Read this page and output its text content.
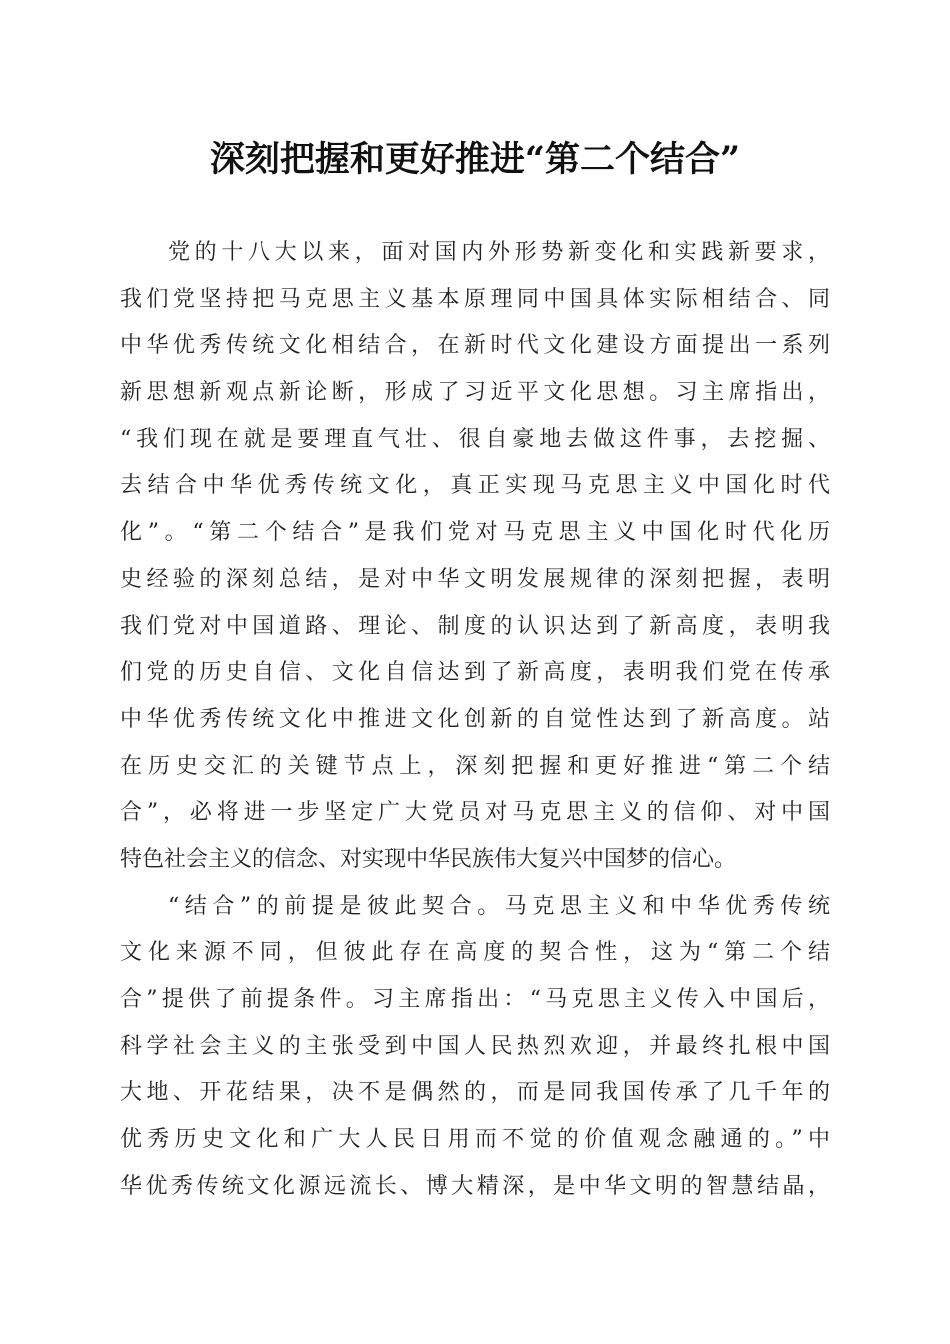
深刻把握和更好推进“第二个结合”
党的十八大以来，面对国内外形势新变化和实践新要求，
我们党坚持把马克思主义基本原理同中国具体实际相结合、同
中华优秀传统文化相结合，在新时代文化建设方面提出一系列
新思想新观点新论断，形成了习近平文化思想。习主席指出，
“我们现在就是要理直气壮、很自豪地去做这件事，去挖掘、
去结合中华优秀传统文化，真正实现马克思主义中国化时代
化”。“第二个结合”是我们党对马克思主义中国化时代化历
史经验的深刻总结，是对中华文明发展规律的深刻把握，表明
我们党对中国道路、理论、制度的认识达到了新高度，表明我
们党的历史自信、文化自信达到了新高度，表明我们党在传承
中华优秀传统文化中推进文化创新的自觉性达到了新高度。站
在历史交汇的关键节点上，深刻把握和更好推进“第二个结
合”，必将进一步坚定广大党员对马克思主义的信仰、对中国
特色社会主义的信念、对实现中华民族伟大复兴中国梦的信心。
“结合”的前提是彼此契合。马克思主义和中华优秀传统
文化来源不同，但彼此存在高度的契合性，这为“第二个结
合”提供了前提条件。习主席指出：“马克思主义传入中国后，
科学社会主义的主张受到中国人民热烈欢迎，并最终扎根中国
大地、开花结果，决不是偶然的，而是同我国传承了几千年的
优秀历史文化和广大人民日用而不觉的价值观念融通的。”中
华优秀传统文化源远流长、博大精深，是中华文明的智慧结晶，
